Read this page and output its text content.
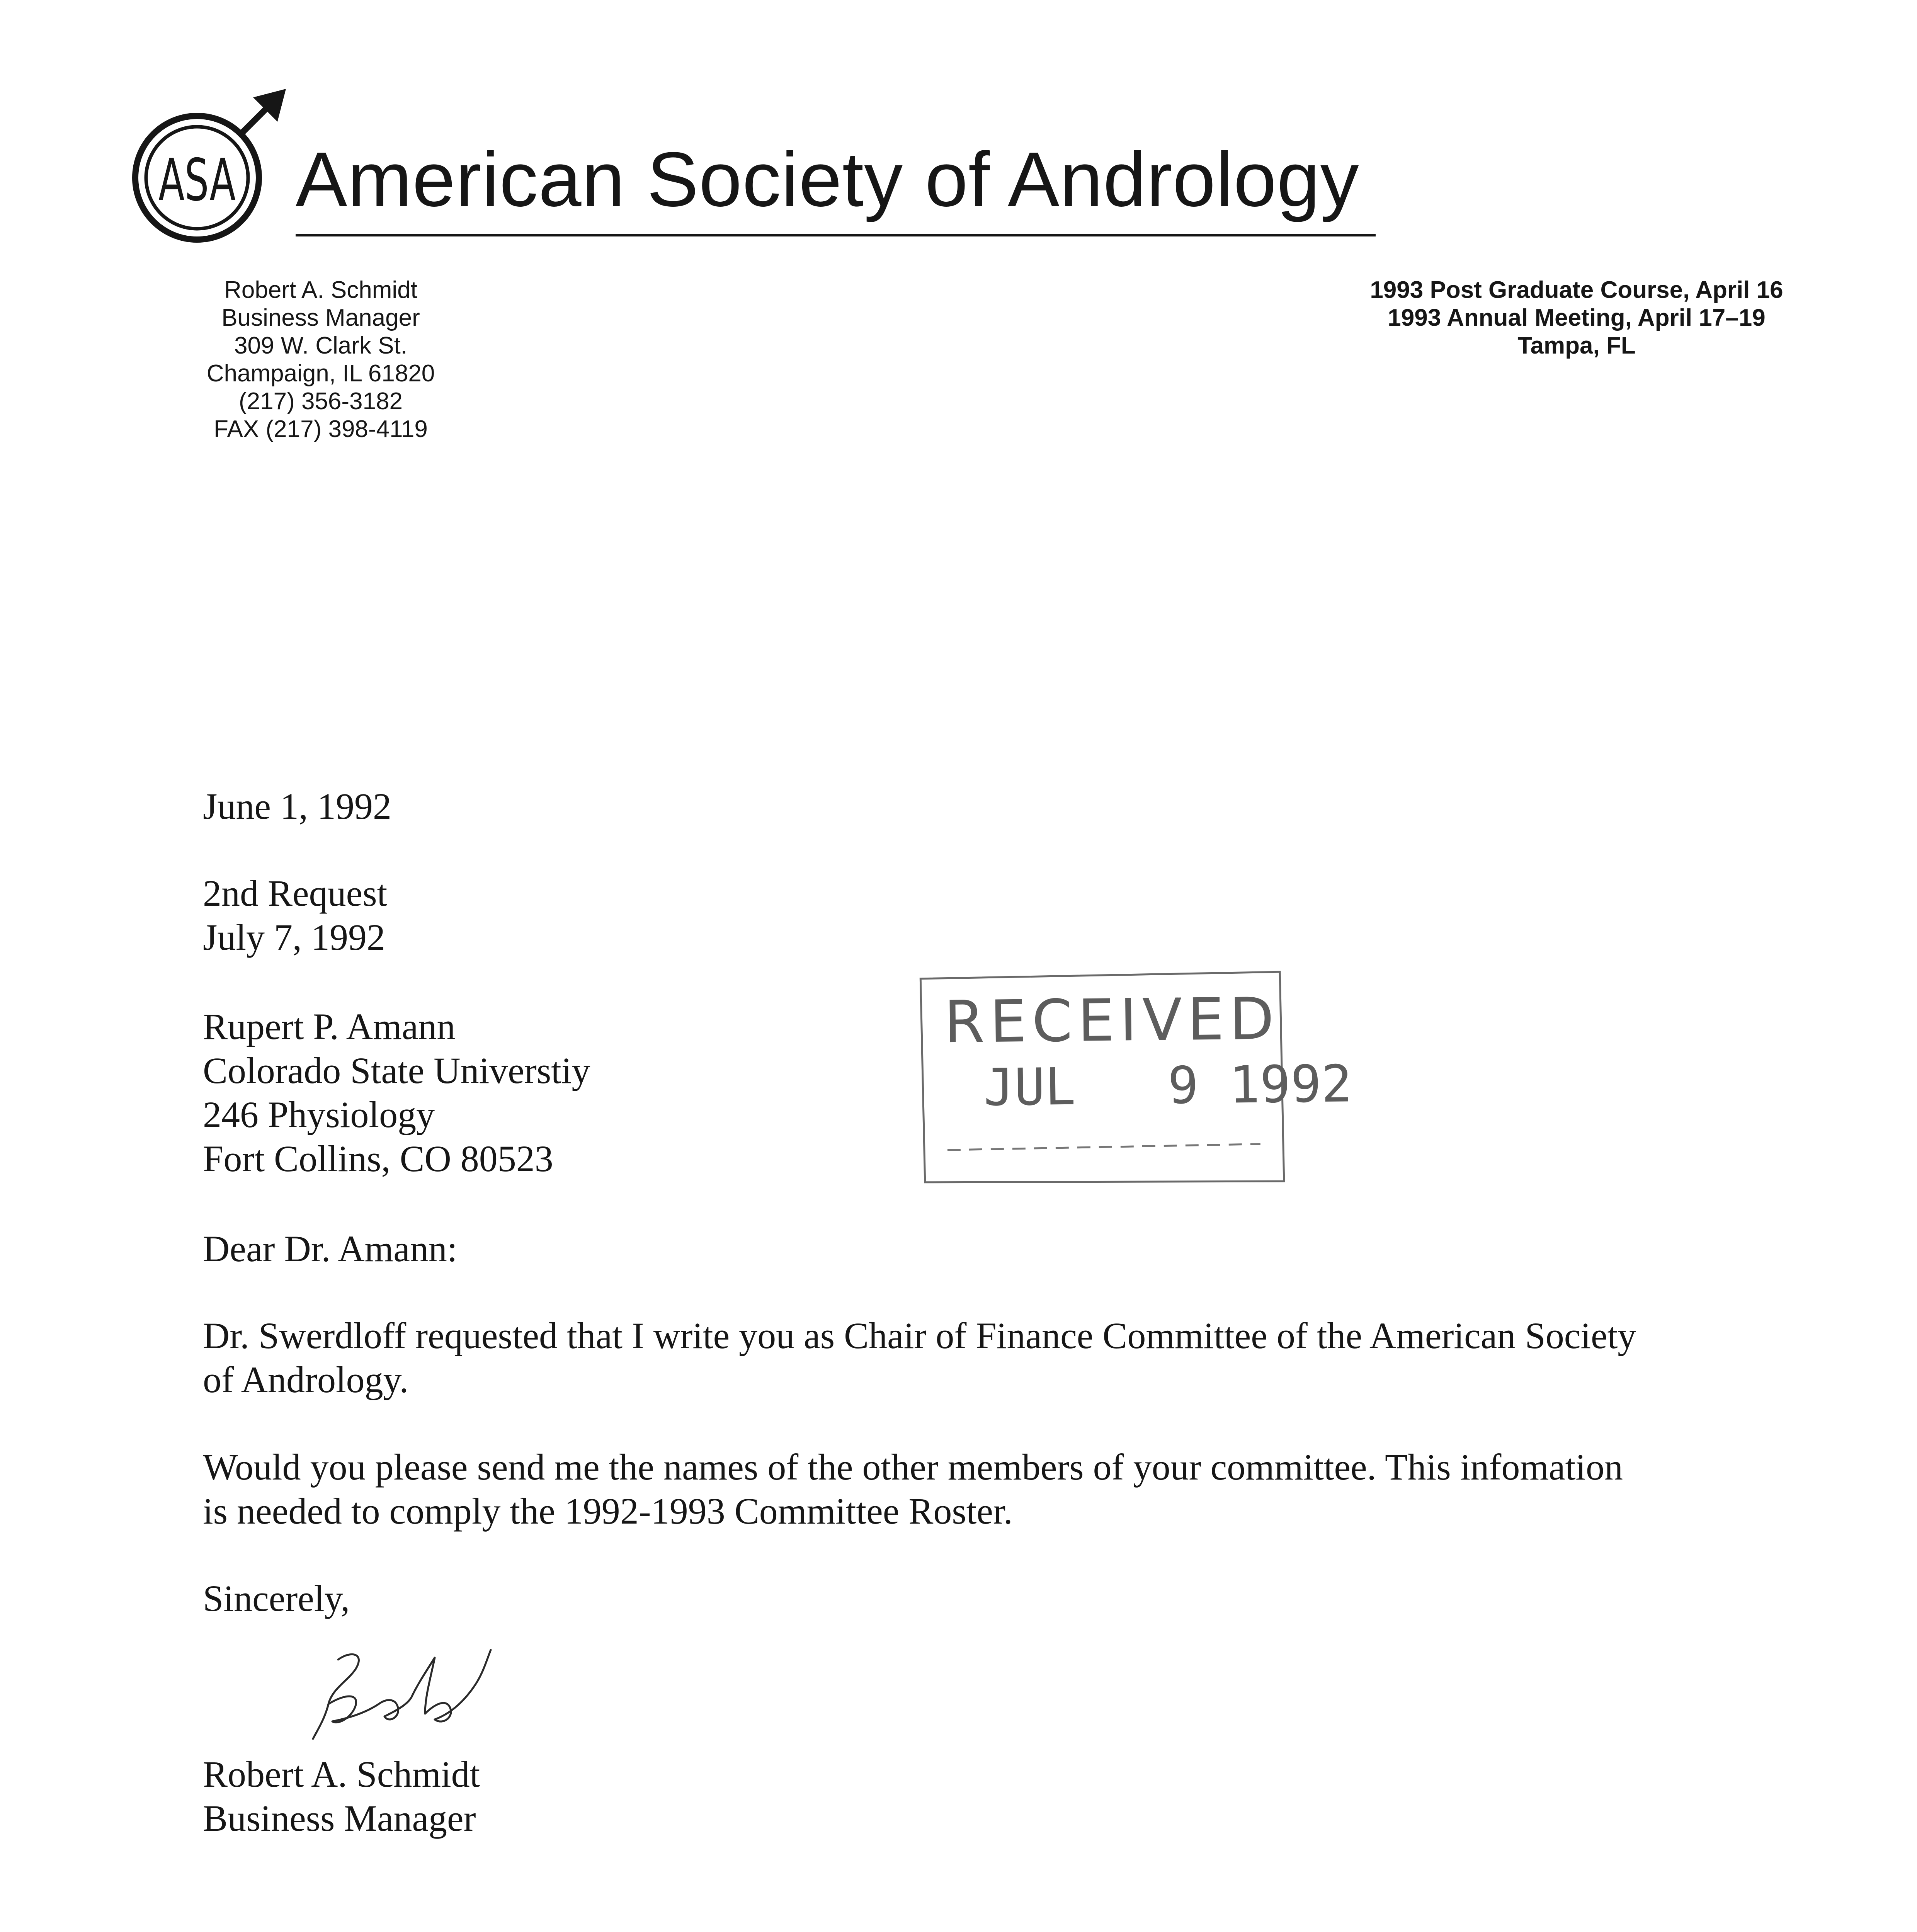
ASA American Society of Andrology
Robert A. Schmidt
Business Manager
309 W. Clark St.
Champaign, IL 61820
(217) 356-3182
FAX (217) 398-4119
1993 Post Graduate Course, April 16
1993 Annual Meeting, April 17–19
Tampa, FL
June 1, 1992
2nd Request
July 7, 1992
Rupert P. Amann
Colorado State Universtiy
246 Physiology
Fort Collins, CO 80523
RECEIVED
JUL 9 1992
Dear Dr. Amann:
Dr. Swerdloff requested that I write you as Chair of Finance Committee of the American Society
of Andrology.
Would you please send me the names of the other members of your committee. This infomation
is needed to comply the 1992-1993 Committee Roster.
Sincerely,
Robert A. Schmidt
Business Manager
